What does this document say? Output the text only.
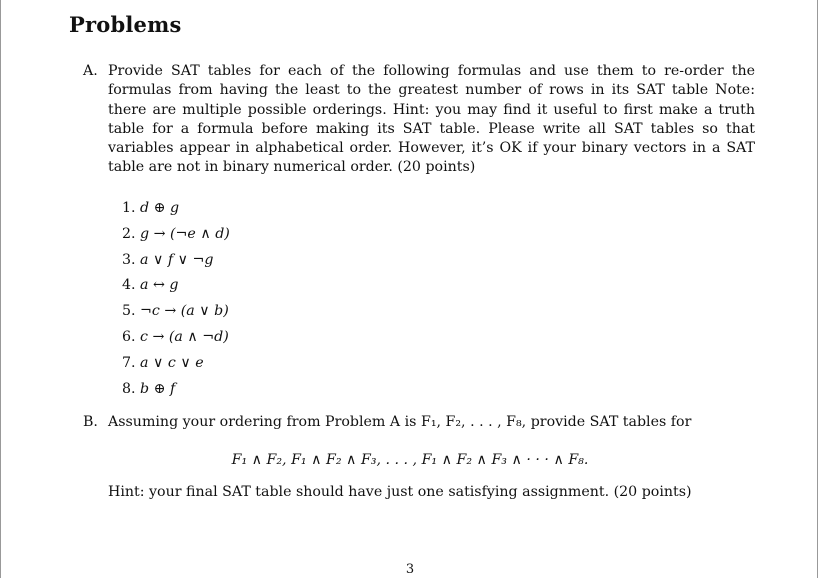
Problems
A. Provide SAT tables for each of the following formulas and use them to re-order the formulas from having the least to the greatest number of rows in its SAT table Note: there are multiple possible orderings. Hint: you may find it useful to first make a truth table for a formula before making its SAT table. Please write all SAT tables so that variables appear in alphabetical order. However, it’s OK if your binary vectors in a SAT table are not in binary numerical order. (20 points)
1. d ⊕ g
2. g → (¬e ∧ d)
3. a ∨ f ∨ ¬g
4. a ↔ g
5. ¬c → (a ∨ b)
6. c → (a ∧ ¬d)
7. a ∨ c ∨ e
8. b ⊕ f
B. Assuming your ordering from Problem A is F₁, F₂, . . . , F₈, provide SAT tables for
F₁ ∧ F₂, F₁ ∧ F₂ ∧ F₃, . . . , F₁ ∧ F₂ ∧ F₃ ∧ · · · ∧ F₈.
Hint: your final SAT table should have just one satisfying assignment. (20 points)
3
